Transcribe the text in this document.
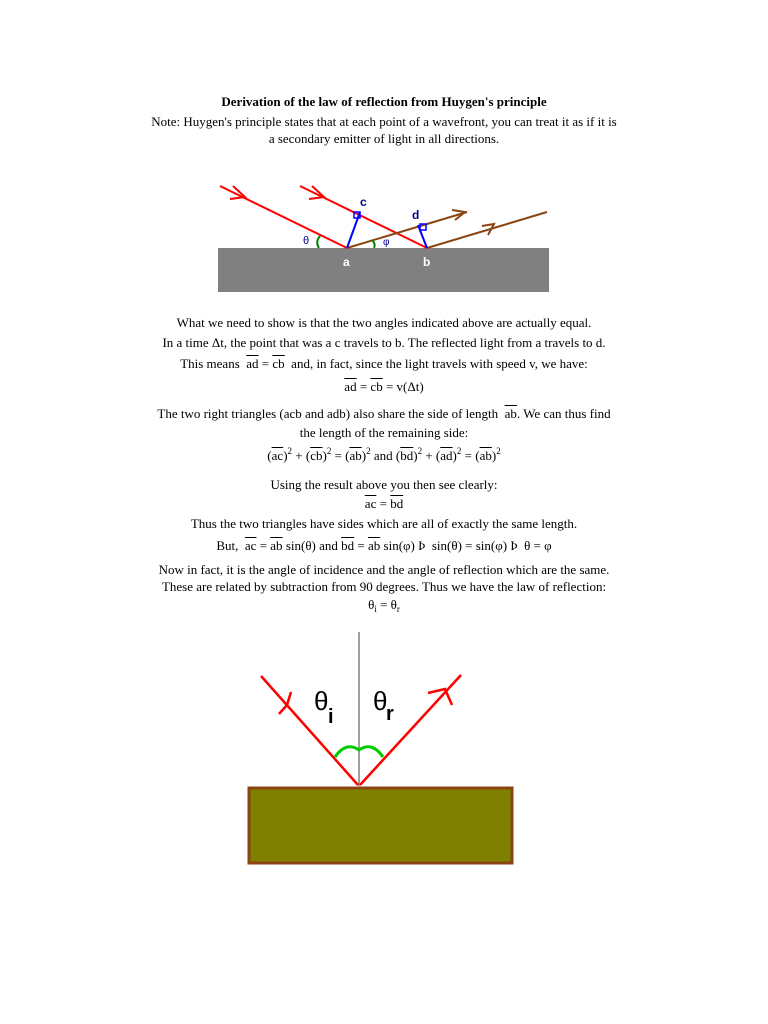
Derivation of the law of reflection from Huygen's principle
Note: Huygen's principle states that at each point of a wavefront, you can treat it as if it is
a secondary emitter of light in all directions.
c
d
a	b
θ	φ
What we need to show is that the two angles indicated above are actually equal.
In a time Δt, the point that was a c travels to b. The reflected light from a travels to d.
This means $\overline{ad} = \overline{cb}$ and, in fact, since the light travels with speed v, we have:
$\overline{ad} = \overline{cb} = v(\Delta t)$
The two right triangles (acb and adb) also share the side of length $\overline{ab}$. We can thus find
the length of the remaining side:
$(\overline{ac})^2 + (\overline{cb})^2 = (\overline{ab})^2$ and $(\overline{bd})^2 + (\overline{ad})^2 = (\overline{ab})^2$
Using the result above you then see clearly:
$\overline{ac} = \overline{bd}$
Thus the two triangles have sides which are all of exactly the same length.
But, $\overline{ac} = \overline{ab}$ sin(θ) and $\overline{bd} = \overline{ab}$ sin(φ) Þ sin(θ) = sin(φ) Þ θ = φ
Now in fact, it is the angle of incidence and the angle of reflection which are the same.
These are related by subtraction from 90 degrees. Thus we have the law of reflection:
$\theta_i = \theta_r$
θ
i
θ
r
